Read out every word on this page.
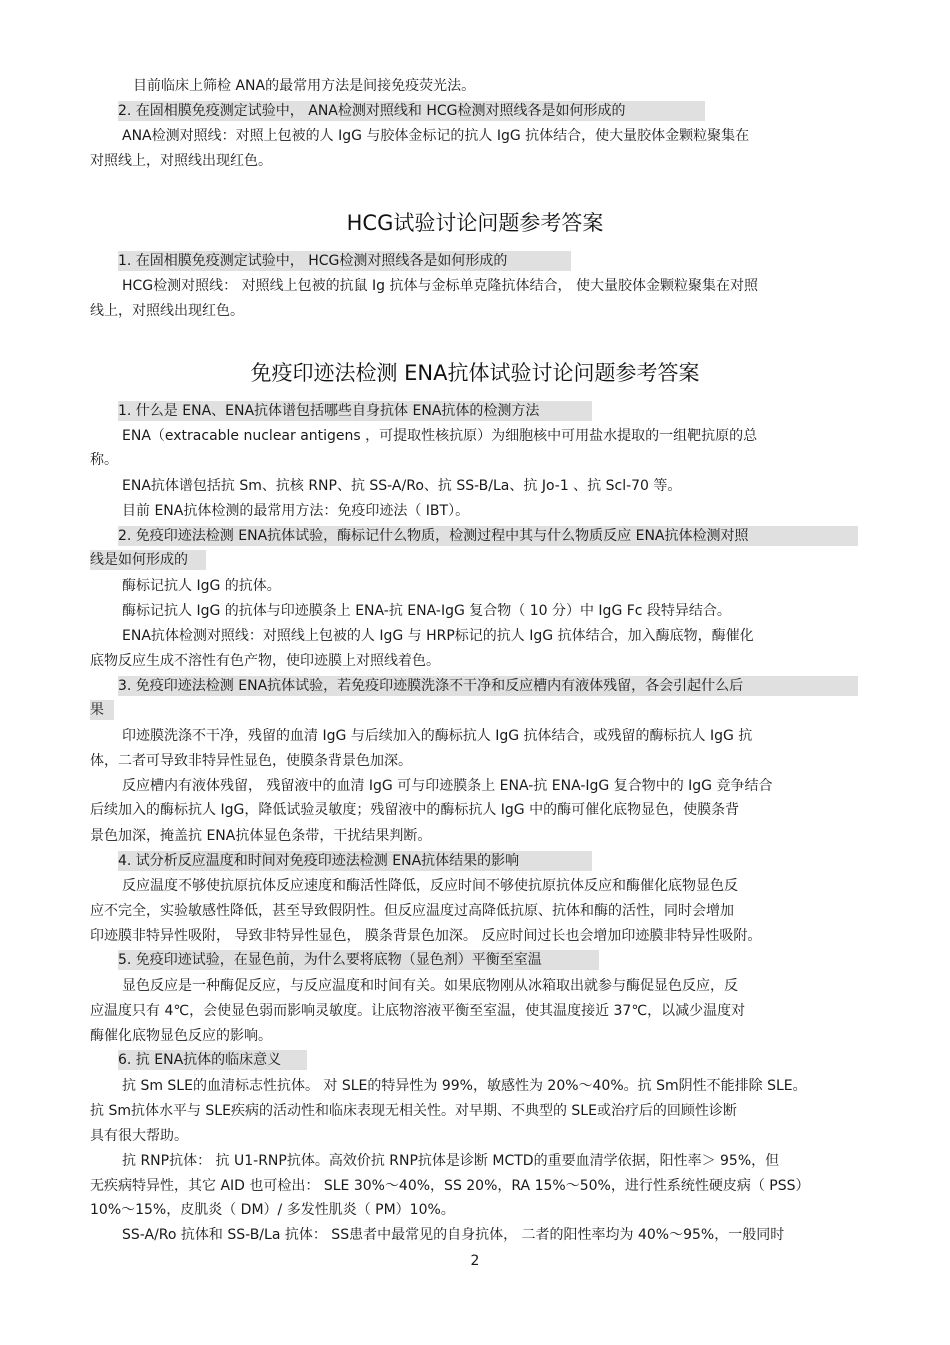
目前临床上筛检 ANA的最常用方法是间接免疫荧光法。
2. 在固相膜免疫测定试验中， ANA检测对照线和 HCG检测对照线各是如何形成的
ANA检测对照线：对照上包被的人 IgG 与胶体金标记的抗人 IgG 抗体结合，使大量胶体金颗粒聚集在
对照线上，对照线出现红色。
HCG试验讨论问题参考答案
1. 在固相膜免疫测定试验中， HCG检测对照线各是如何形成的
HCG检测对照线： 对照线上包被的抗鼠 Ig 抗体与金标单克隆抗体结合， 使大量胶体金颗粒聚集在对照
线上，对照线出现红色。
免疫印迹法检测 ENA抗体试验讨论问题参考答案
1. 什么是 ENA、ENA抗体谱包括哪些自身抗体 ENA抗体的检测方法
ENA（extracable nuclear antigens ，可提取性核抗原）为细胞核中可用盐水提取的一组靶抗原的总
称。
ENA抗体谱包括抗 Sm、抗核 RNP、抗 SS-A/Ro、抗 SS-B/La、抗 Jo-1 、抗 Scl-70 等。
目前 ENA抗体检测的最常用方法：免疫印迹法（ IBT）。
2. 免疫印迹法检测 ENA抗体试验，酶标记什么物质，检测过程中其与什么物质反应 ENA抗体检测对照
线是如何形成的
酶标记抗人 IgG 的抗体。
酶标记抗人 IgG 的抗体与印迹膜条上 ENA-抗 ENA-IgG 复合物（ 10 分）中 IgG Fc 段特异结合。
ENA抗体检测对照线：对照线上包被的人 IgG 与 HRP标记的抗人 IgG 抗体结合，加入酶底物，酶催化
底物反应生成不溶性有色产物，使印迹膜上对照线着色。
3. 免疫印迹法检测 ENA抗体试验，若免疫印迹膜洗涤不干净和反应槽内有液体残留，各会引起什么后
果
印迹膜洗涤不干净，残留的血清 IgG 与后续加入的酶标抗人 IgG 抗体结合，或残留的酶标抗人 IgG 抗
体，二者可导致非特异性显色，使膜条背景色加深。
反应槽内有液体残留， 残留液中的血清 IgG 可与印迹膜条上 ENA-抗 ENA-IgG 复合物中的 IgG 竞争结合
后续加入的酶标抗人 IgG，降低试验灵敏度；残留液中的酶标抗人 IgG 中的酶可催化底物显色，使膜条背
景色加深，掩盖抗 ENA抗体显色条带，干扰结果判断。
4. 试分析反应温度和时间对免疫印迹法检测 ENA抗体结果的影响
反应温度不够使抗原抗体反应速度和酶活性降低，反应时间不够使抗原抗体反应和酶催化底物显色反
应不完全，实验敏感性降低，甚至导致假阴性。但反应温度过高降低抗原、抗体和酶的活性，同时会增加
印迹膜非特异性吸附， 导致非特异性显色， 膜条背景色加深。 反应时间过长也会增加印迹膜非特异性吸附。
5. 免疫印迹试验，在显色前，为什么要将底物（显色剂）平衡至室温
显色反应是一种酶促反应，与反应温度和时间有关。如果底物刚从冰箱取出就参与酶促显色反应，反
应温度只有 4℃，会使显色弱而影响灵敏度。让底物溶液平衡至室温，使其温度接近 37℃，以减少温度对
酶催化底物显色反应的影响。
6. 抗 ENA抗体的临床意义
抗 Sm SLE的血清标志性抗体。 对 SLE的特异性为 99%，敏感性为 20%～40%。抗 Sm阴性不能排除 SLE。
抗 Sm抗体水平与 SLE疾病的活动性和临床表现无相关性。对早期、不典型的 SLE或治疗后的回顾性诊断
具有很大帮助。
抗 RNP抗体： 抗 U1-RNP抗体。高效价抗 RNP抗体是诊断 MCTD的重要血清学依据，阳性率＞ 95%，但
无疾病特异性，其它 AID 也可检出： SLE 30%～40%，SS 20%，RA 15%～50%，进行性系统性硬皮病（ PSS）
10%～15%，皮肌炎（ DM）/ 多发性肌炎（ PM）10%。
SS-A/Ro 抗体和 SS-B/La 抗体： SS患者中最常见的自身抗体， 二者的阳性率均为 40%～95%，一般同时
2
